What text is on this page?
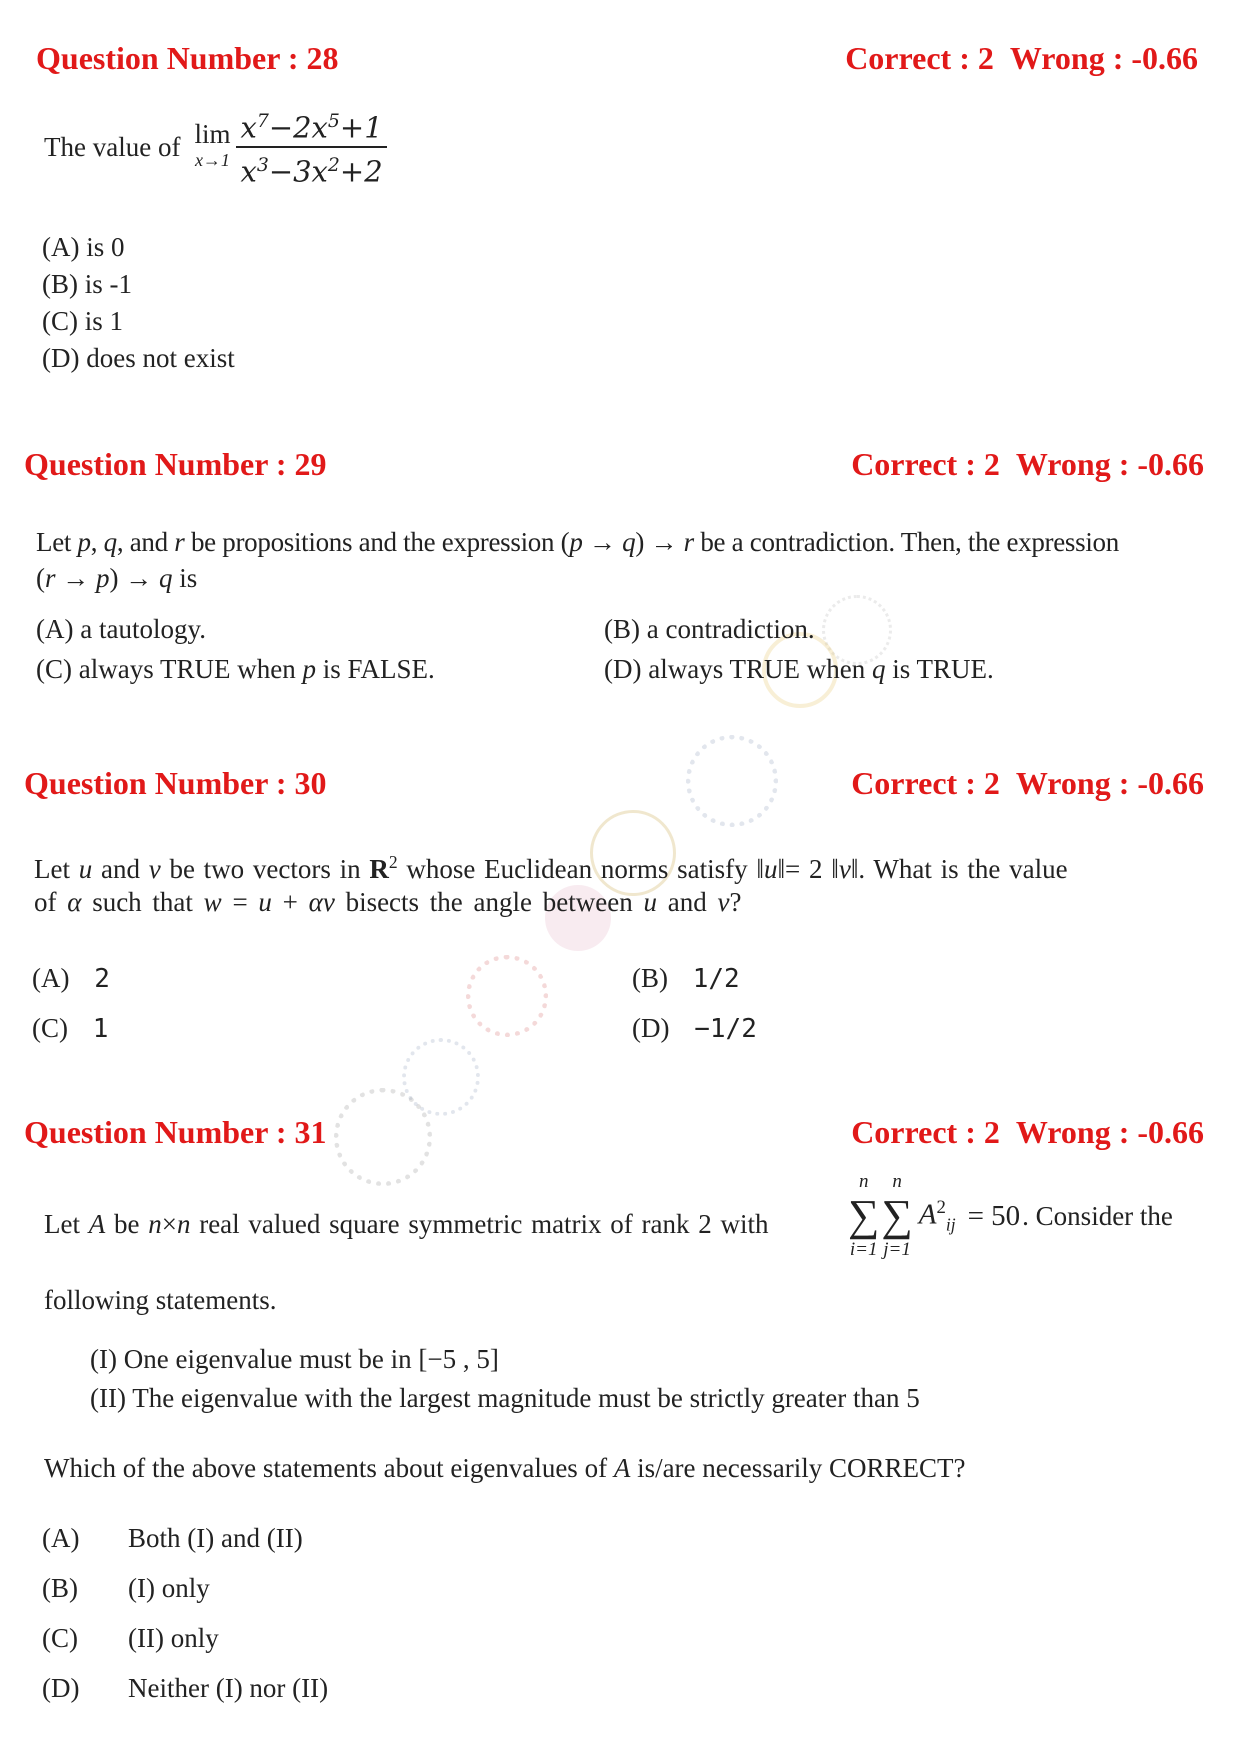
Question Number : 28	Correct : 2 Wrong : -0.66
The value of lim
$x\to 1 \frac{x^7-2x^5+1}{x^3-3x^2+2}$
(A) is 0
(B) is -1
(C) is 1
(D) does not exist
Question Number : 29	Correct : 2 Wrong : -0.66
Let p, q, and r be propositions and the expression (p → q) → r be a contradiction. Then, the expression
(r → p) → q is
(A) a tautology.	(B) a contradiction.
(C) always TRUE when p is FALSE.	(D) always TRUE when q is TRUE.
Question Number : 30	Correct : 2 Wrong : -0.66
Let u and v be two vectors in $R^2$ whose Euclidean norms satisfy ‖u‖= 2 ‖v‖. What is the value
of α such that w = u + αv bisects the angle between u and v?
(A) 2	(B) 1/2
(C) 1	(D) −1/2
Question Number : 31	Correct : 2 Wrong : -0.66
Let A be n×n real valued square symmetric matrix of rank 2 with
n
∑
i=1
n
∑
j=1
$A^2_{ij} = 50$ . Consider the
following statements.
(I) One eigenvalue must be in [−5 , 5]
(II) The eigenvalue with the largest magnitude must be strictly greater than 5
Which of the above statements about eigenvalues of A is/are necessarily CORRECT?
(A) Both (I) and (II)
(B) (I) only
(C) (II) only
(D) Neither (I) nor (II)
